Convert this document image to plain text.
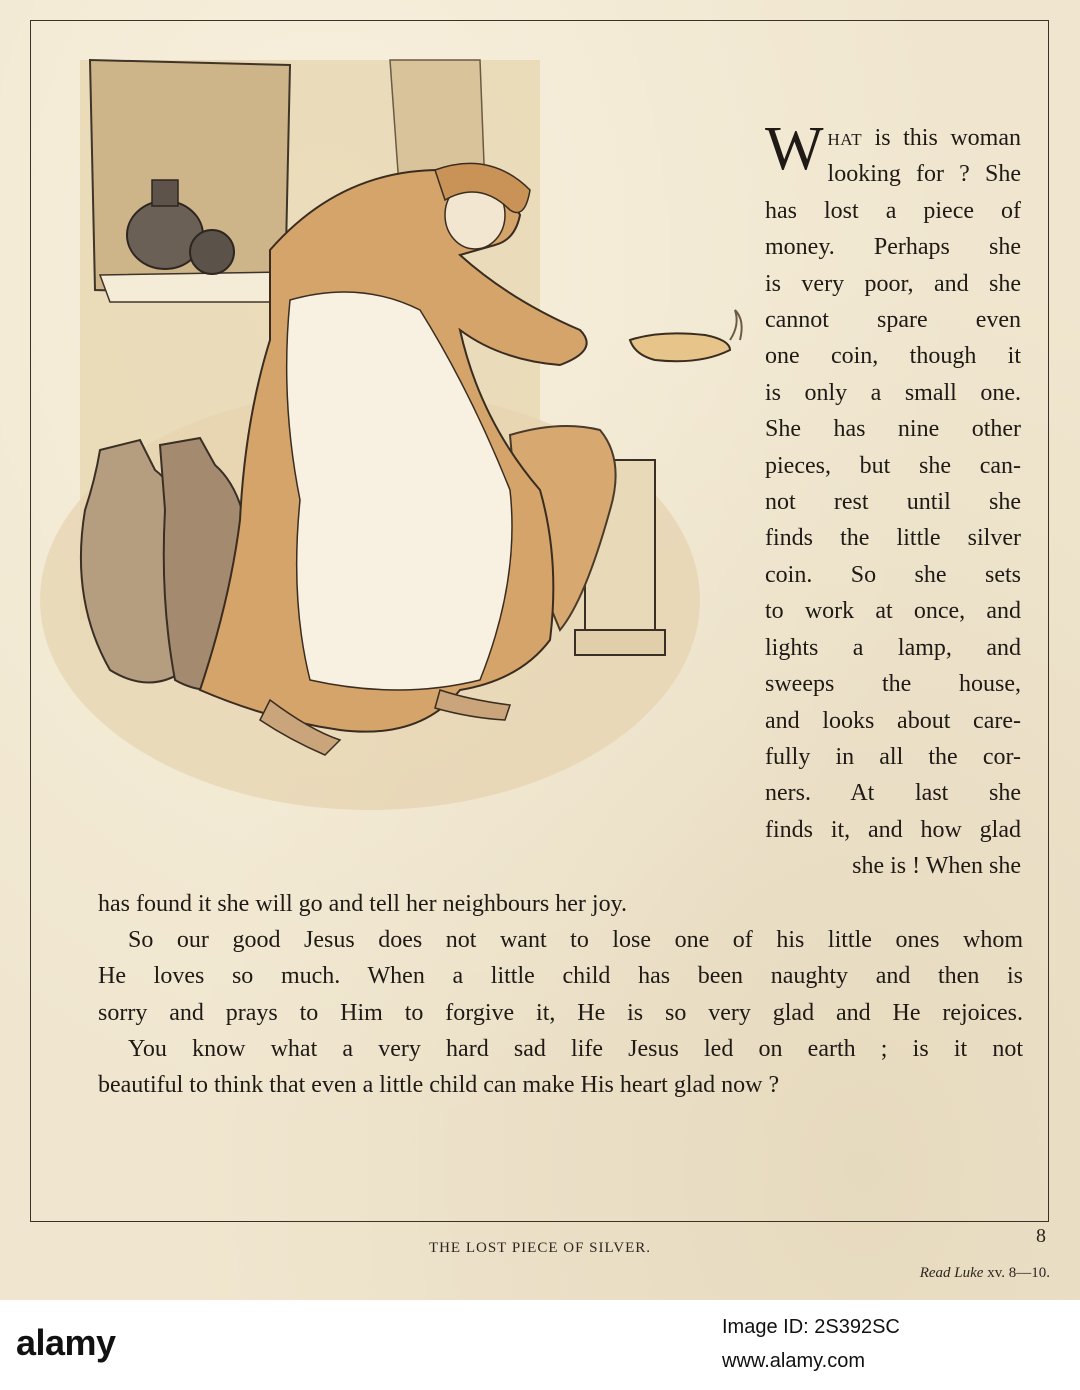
What is this woman
looking for ? She
has lost a piece of
money. Perhaps she
is very poor, and she
cannot spare even
one coin, though it
is only a small one.
She has nine other
pieces, but she can-
not rest until she
finds the little silver
coin. So she sets
to work at once, and
lights a lamp, and
sweeps the house,
and looks about care-
fully in all the cor-
ners. At last she
finds it, and how glad
she is ! When she
has found it she will go and tell her neighbours her joy.
So our good Jesus does not want to lose one of his little ones whom
He loves so much. When a little child has been naughty and then is
sorry and prays to Him to forgive it, He is so very glad and He rejoices.
You know what a very hard sad life Jesus led on earth ; is it not
beautiful to think that even a little child can make His heart glad now ?
THE LOST PIECE OF SILVER.
8
Read Luke xv. 8—10.
alamy	Image ID: 2S392SC
www.alamy.com
